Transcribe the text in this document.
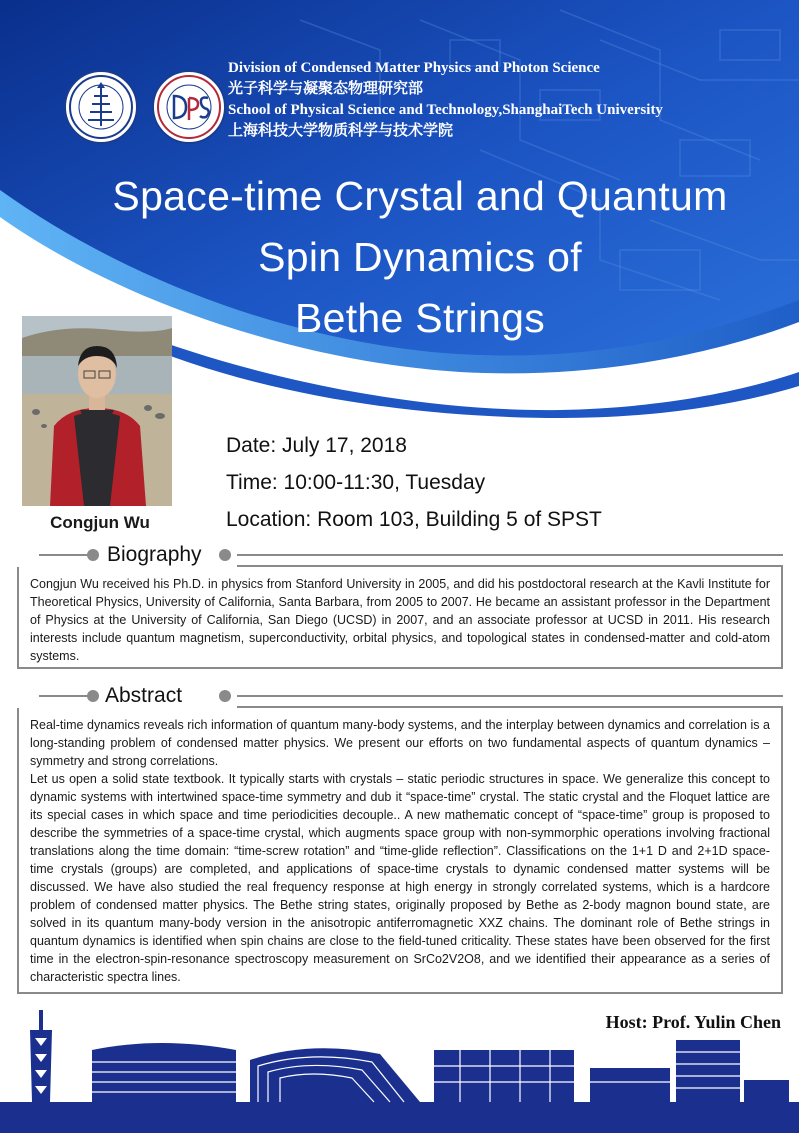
Division of Condensed Matter Physics and Photon Science
光子科学与凝聚态物理研究部
School of Physical Science and Technology,ShanghaiTech University
上海科技大学物质科学与技术学院
Space-time Crystal and Quantum
Spin Dynamics of
Bethe Strings
Congjun Wu
Date: July 17, 2018
Time: 10:00-11:30, Tuesday
Location: Room 103, Building 5 of SPST
Congjun Wu received his Ph.D. in physics from Stanford University in 2005, and did his postdoctoral research at the Kavli Institute for Theoretical Physics, University of California, Santa Barbara, from 2005 to 2007. He became an assistant professor in the Department of Physics at the University of California, San Diego (UCSD) in 2007, and an associate professor at UCSD in 2011. His research interests include quantum magnetism, superconductivity, orbital physics, and topological states in condensed-matter and cold-atom systems.
Biography
Real-time dynamics reveals rich information of quantum many-body systems, and the interplay between dynamics and correlation is a long-standing problem of condensed matter physics. We present our efforts on two fundamental aspects of quantum dynamics – symmetry and strong correlations.
Let us open a solid state textbook. It typically starts with crystals – static periodic structures in space. We generalize this concept to dynamic systems with intertwined space-time symmetry and dub it “space-time” crystal. The static crystal and the Floquet lattice are its special cases in which space and time periodicities decouple.. A new mathematic concept of “space-time” group is proposed to describe the symmetries of a space-time crystal, which augments space group with non-symmorphic operations involving fractional translations along the time domain: “time-screw rotation” and “time-glide reflection”. Classifications on the 1+1 D and 2+1D space-time crystals (groups) are completed, and applications of space-time crystals to dynamic condensed matter systems will be discussed. We have also studied the real frequency response at high energy in strongly correlated systems, which is a hardcore problem of condensed matter physics. The Bethe string states, originally proposed by Bethe as 2-body magnon bound state, are solved in its quantum many-body version in the anisotropic antiferromagnetic XXZ chains. The dominant role of Bethe strings in quantum dynamics is identified when spin chains are close to the field-tuned criticality. These states have been observed for the first time in the electron-spin-resonance spectroscopy measurement on SrCo2V2O8, and we identified their appearance as a series of characteristic spectra lines.
Abstract
Host: Prof. Yulin Chen
